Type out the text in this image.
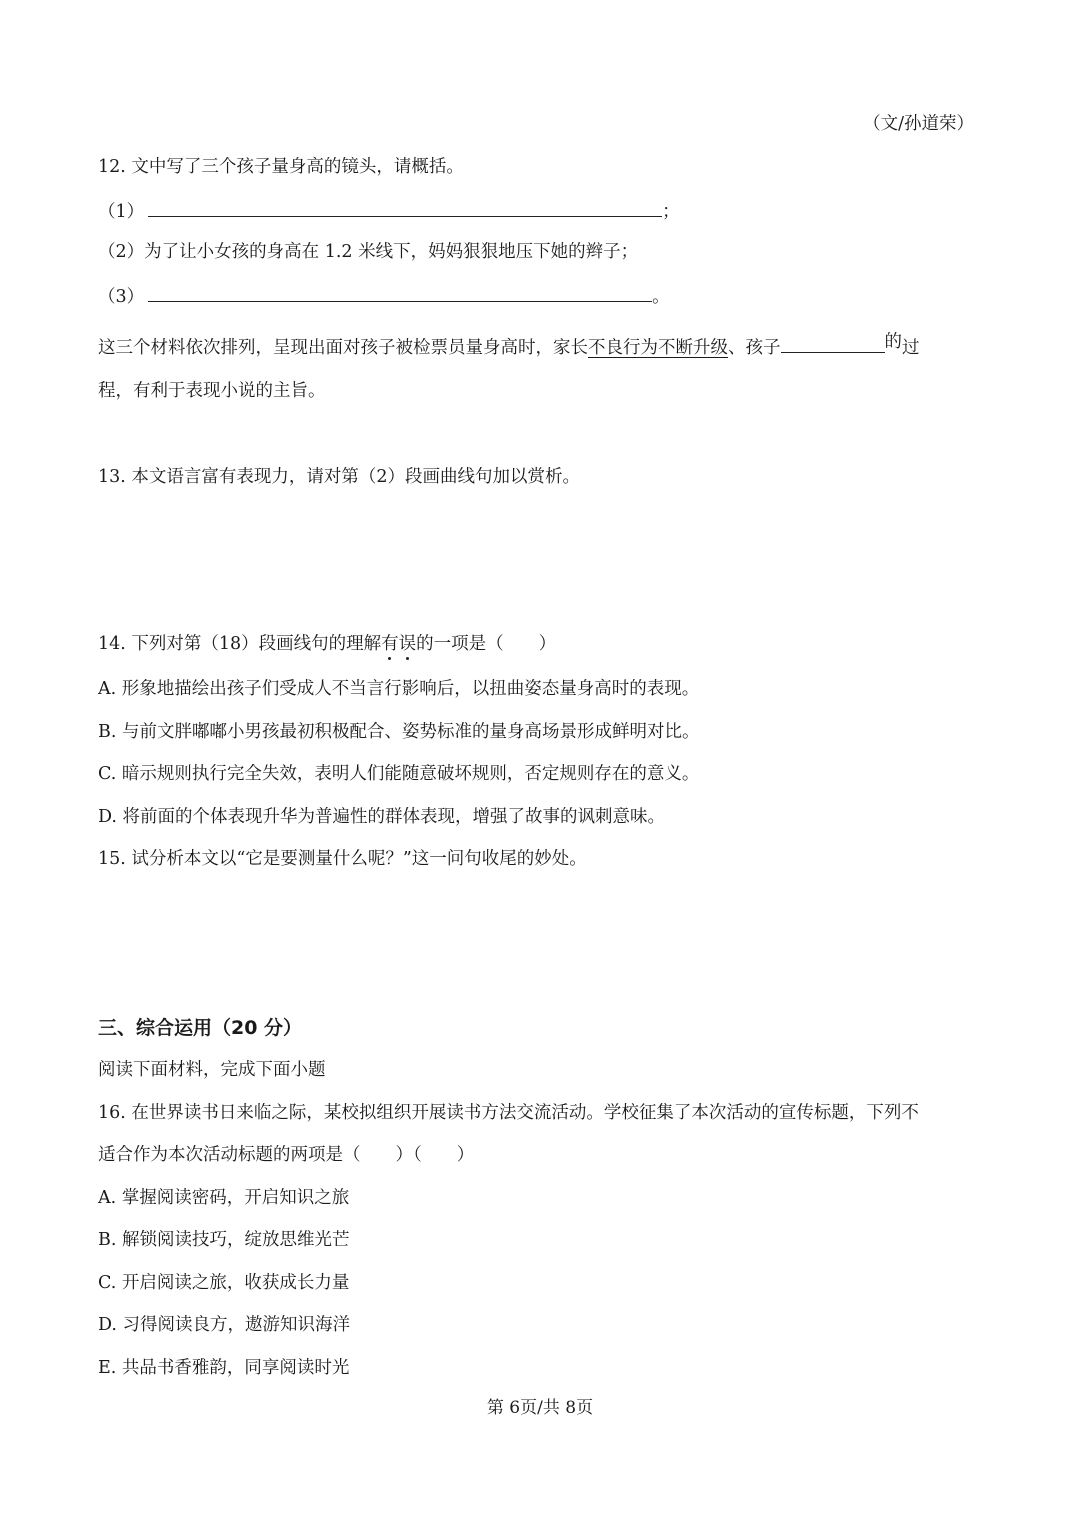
（文/孙道荣）
12. 文中写了三个孩子量身高的镜头，请概括。
（1）	；
（2）为了让小女孩的身高在 1.2 米线下，妈妈狠狠地压下她的辫子；
（3）	。
这三个材料依次排列，呈现出面对孩子被检票员量身高时，家长不良行为不断升级、孩子	的过
程，有利于表现小说的主旨。
13. 本文语言富有表现力，请对第（2）段画曲线句加以赏析。
14. 下列对第（18）段画线句的理解有误的一项是（　　）
A. 形象地描绘出孩子们受成人不当言行影响后，以扭曲姿态量身高时的表现。
B. 与前文胖嘟嘟小男孩最初积极配合、姿势标准的量身高场景形成鲜明对比。
C. 暗示规则执行完全失效，表明人们能随意破坏规则，否定规则存在的意义。
D. 将前面的个体表现升华为普遍性的群体表现，增强了故事的讽刺意味。
15. 试分析本文以“它是要测量什么呢？”这一问句收尾的妙处。
三、综合运用（20 分）
阅读下面材料，完成下面小题
16. 在世界读书日来临之际，某校拟组织开展读书方法交流活动。学校征集了本次活动的宣传标题，下列不
适合作为本次活动标题的两项是（　　）（　　）
A. 掌握阅读密码，开启知识之旅
B. 解锁阅读技巧，绽放思维光芒
C. 开启阅读之旅，收获成长力量
D. 习得阅读良方，遨游知识海洋
E. 共品书香雅韵，同享阅读时光
第 6页/共 8页
